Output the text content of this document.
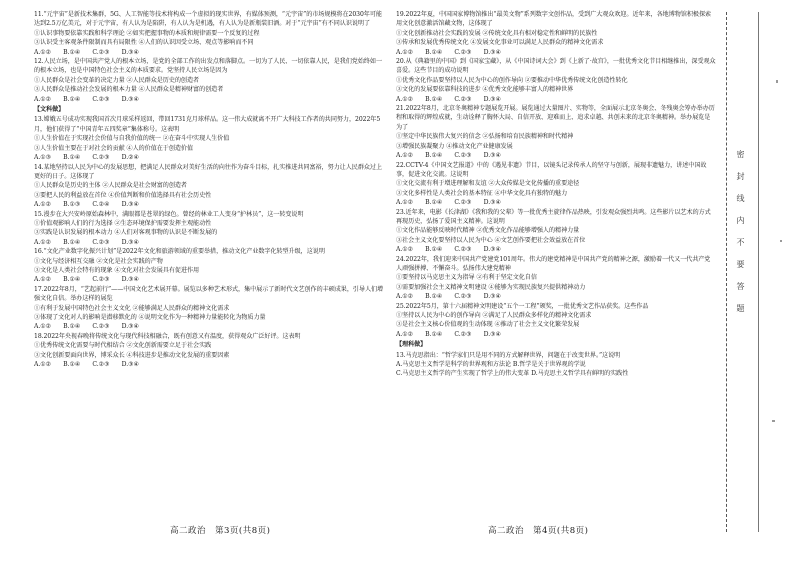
11.“元宇宙”是新技术集群，5G、人工智能等技术将构成一个虚拟的现实世界，有媒体预测，“元宇宙”的市场规模将在2030年可能达到2.5万亿美元，对于元宇宙，有人认为是陷阱，有人认为是机遇，有人认为是新瓶装旧酒。对于“元宇宙”有不同认识说明了

①认识事物要依靠实践和科学理论 ②如实把握事物的本质和规律需要一个反复的过程

③认识受主客观条件限制而具有局限性 ④人们的认识因受立场、观点等影响而不同

A.①②　　B.①④　　C.②③　　D.③④

12.人民立场，是中国共产党人的根本立场，是党的全部工作的出发点和落脚点。一切为了人民、一切依靠人民，是我们党始终如一的根本立场，也是中国特色社会主义的本质要求。党坚持人民立场是因为

①人民群众是社会变革的决定力量 ②人民群众是历史的创造者

③人民群众是推动社会发展的根本力量 ④人民群众是精神财富的创造者

A.①②　　B.①④　　C.②③　　D.③④

【文科做】

13.嫦娥五号成功实现我国首次月球采样返回，带回1731克月球样品。这一伟大成就离不开广大科技工作者的共同努力，2022年5月，他们获得了“中国青年五四奖章”集体称号。这表明

①人生价值在于实现社会价值与自我价值的统一 ②在奋斗中实现人生价值

③人生价值主要在于对社会的贡献 ④人的价值在于创造价值

A.①③　　B.①④　　C.②③　　D.②④

14.某地坚持以人民为中心的发展思想，把满足人民群众对美好生活的向往作为奋斗目标，扎实推进共同富裕，努力让人民群众过上更好的日子。这体现了

①人民群众是历史的主体 ②人民群众是社会财富的创造者

③要把人民的利益放在首位 ④价值判断和价值选择具有社会历史性

A.①②　　B.①③　　C.②④　　D.③④

15.漫步在大兴安岭原始森林中，满眼都是苍翠的绿色。曾经的林业工人变身“护林员”，这一转变说明

①价值观影响人们的行为选择 ②生态环境保护需要发挥主观能动性

③实践是认识发展的根本动力 ④人们对客观事物的认识是不断发展的

A.①②　　B.①④　　C.②③　　D.③④

16.“文化产业数字化振兴计划”是2022年文化和旅游领域的重要举措，推动文化产业数字化转型升级，这说明

①文化与经济相互交融 ②文化是社会实践的产物

③文化是人类社会特有的现象 ④文化对社会发展具有促进作用

A.①②　　B.①④　　C.②③　　D.③④

17.2022年8月，“艺起前行”——中国文化艺术展开幕。展览以多种艺术形式，集中展示了新时代文艺创作的丰硕成果，引导人们增强文化自信。举办这样的展览

①有利于发展中国特色社会主义文化 ②能够满足人民群众的精神文化需求

③体现了文化对人的影响是潜移默化的 ④说明文化作为一种精神力量能转化为物质力量

A.①②　　B.①④　　C.②③　　D.③④

18.2022年央视春晚将传统文化与现代科技相融合，既有创意又有温度，获得观众广泛好评。这表明

①优秀传统文化需要与时代相结合 ②文化创新需要立足于社会实践

③文化创新要面向世界，博采众长 ④科技进步是推动文化发展的重要因素

A.①②　　B.①④　　C.②③　　D.③④

19.2022年夏，中国国家博物馆推出“最美文物”系列数字文创作品，受到广大观众欢迎。近年来，各地博物馆积极探索用文化创意激活馆藏文物，这体现了

①文化创新推动社会实践的发展 ②传统文化具有相对稳定性和鲜明的民族性

③传承和发展优秀传统文化 ④发展文化事业可以满足人民群众的精神文化需求

A.①②　　B.①④　　C.②③　　D.③④

20.从《典籍里的中国》到《国家宝藏》，从《中国诗词大会》到《上新了·故宫》，一批优秀文化节目相继推出，深受观众喜爱。这些节目的成功说明

①优秀文化作品要坚持以人民为中心的创作导向 ②要推动中华优秀传统文化创造性转化

③文化的发展要依靠科技的进步 ④优秀文化能够丰富人的精神世界

A.①②　　B.①④　　C.②③　　D.③④

21.2022年8月，北京冬奥精神专题展览开展。展览通过大量图片、实物等，全面展示北京冬奥会、冬残奥会筹办举办历程和取得的辉煌成就，生动诠释了胸怀大局、自信开放、迎难而上、追求卓越、共创未来的北京冬奥精神。举办展览是为了

①坚定中华民族伟大复兴的信念 ②弘扬和培育民族精神和时代精神

③增强民族凝聚力 ④推动文化产业健康发展

A.①②　　B.①④　　C.②③　　D.③④

22.CCTV-4《中国文艺报道》中的《遇见非遗》节目，以镜头记录传承人的坚守与创新，展现非遗魅力，讲述中国故事，促进文化交流。这说明

①文化交流有利于增进理解和友谊 ②大众传媒是文化传播的重要途径

③文化多样性是人类社会的基本特征 ④中华文化具有独特的魅力

A.①②　　B.①④　　C.②③　　D.③④

23.近年来，电影《长津湖》《我和我的父辈》等一批优秀主旋律作品热映，引发观众强烈共鸣。这些影片以艺术的方式再现历史，弘扬了爱国主义精神。这说明

①文化作品能够反映时代精神 ②优秀文化作品能够增强人的精神力量

③社会主义文化要坚持以人民为中心 ④文艺创作要把社会效益放在首位

A.①②　　B.①④　　C.②③　　D.③④

24.2022年，我们迎来中国共产党建党101周年。伟大的建党精神是中国共产党的精神之源，激励着一代又一代共产党人顽强拼搏、不懈奋斗。弘扬伟大建党精神

①要坚持以马克思主义为指导 ②有利于坚定文化自信

③需要加强社会主义精神文明建设 ④能够为实现民族复兴提供精神动力

A.①②　　B.①④　　C.②③　　D.③④

25.2022年5月，第十六届精神文明建设“五个一工程”颁奖，一批优秀文艺作品获奖。这些作品

①坚持以人民为中心的创作导向 ②满足了人民群众多样化的精神文化需求

③是社会主义核心价值观的生动体现 ④推动了社会主义文化繁荣发展

A.①②　　B.①④　　C.②③　　D.③④

【理科做】

13.马克思指出：“哲学家们只是用不同的方式解释世界，问题在于改变世界。”这说明

A.马克思主义哲学是科学的世界观和方法论 B.哲学是关于世界观的学说

C.马克思主义哲学的产生实现了哲学上的伟大变革 D.马克思主义哲学具有鲜明的实践性

高二政治　第3页(共8页)	高二政治　第4页(共8页)
密封线内不要答题
